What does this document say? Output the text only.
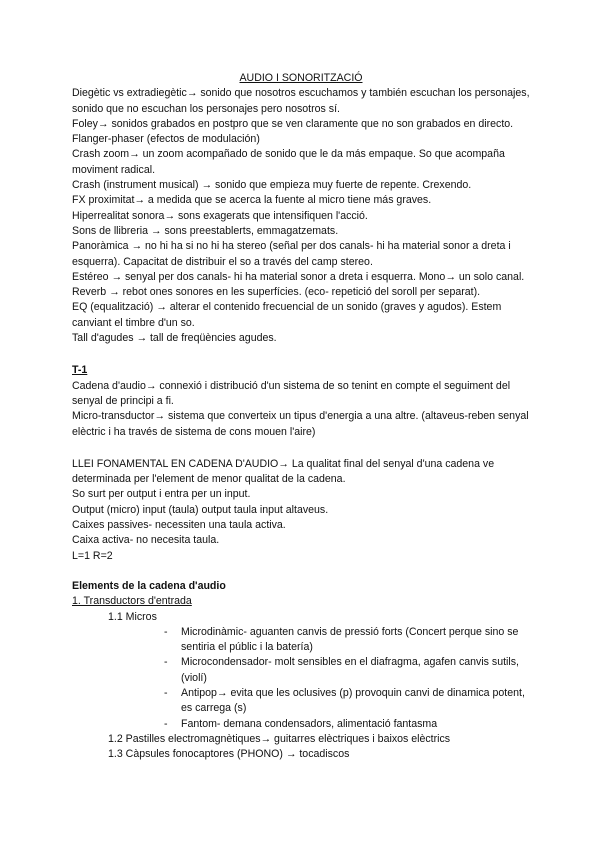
AUDIO I SONORITZACIÓ

Diegètic vs extradiegètic→ sonido que nosotros escuchamos y también escuchan los personajes, sonido que no escuchan los personajes pero nosotros sí.

Foley→ sonidos grabados en postpro que se ven claramente que no son grabados en directo. Flanger-phaser (efectos de modulación)

Crash zoom→ un zoom acompañado de sonido que le da más empaque. So que acompaña moviment radical.

Crash (instrument musical) → sonido que empieza muy fuerte de repente. Crexendo.

FX proximitat→ a medida que se acerca la fuente al micro tiene más graves.

Hiperrealitat sonora→ sons exagerats que intensifiquen l'acció.

Sons de llibreria → sons preestablerts, emmagatzemats.

Panoràmica → no hi ha si no hi ha stereo (señal per dos canals- hi ha material sonor a dreta i esquerra). Capacitat de distribuir el so a través del camp stereo.

Estéreo → senyal per dos canals- hi ha material sonor a dreta i esquerra. Mono→ un solo canal.

Reverb → rebot ones sonores en les superfícies. (eco- repetició del soroll per separat).

EQ (equalització) → alterar el contenido frecuencial de un sonido (graves y agudos). Estem canviant el timbre d'un so.

Tall d'agudes → tall de freqüències agudes.

T-1

Cadena d'audio→ connexió i distribució d'un sistema de so tenint en compte el seguiment del senyal de principi a fi.

Micro-transductor→ sistema que converteix un tipus d'energia a una altre. (altaveus-reben senyal elèctric i ha través de sistema de cons mouen l'aire)

LLEI FONAMENTAL EN CADENA D'AUDIO→ La qualitat final del senyal d'una cadena ve determinada per l'element de menor qualitat de la cadena.

So surt per output i entra per un input.

Output (micro) input (taula) output taula input altaveus.

Caixes passives- necessiten una taula activa.

Caixa activa- no necesita taula.

L=1 R=2

Elements de la cadena d'audio

1. Transductors d'entrada

1.1 Micros

- Microdinàmic- aguanten canvis de pressió forts (Concert perque sino se sentiria el públic i la batería)
- Microcondensador- molt sensibles en el diafragma, agafen canvis sutils, (violí)
- Antipop→ evita que les oclusives (p) provoquin canvi de dinamica potent, es carrega (s)
- Fantom- demana condensadors, alimentació fantasma

1.2 Pastilles electromagnètiques→ guitarres elèctriques i baixos elèctrics

1.3 Càpsules fonocaptores (PHONO) → tocadiscos
